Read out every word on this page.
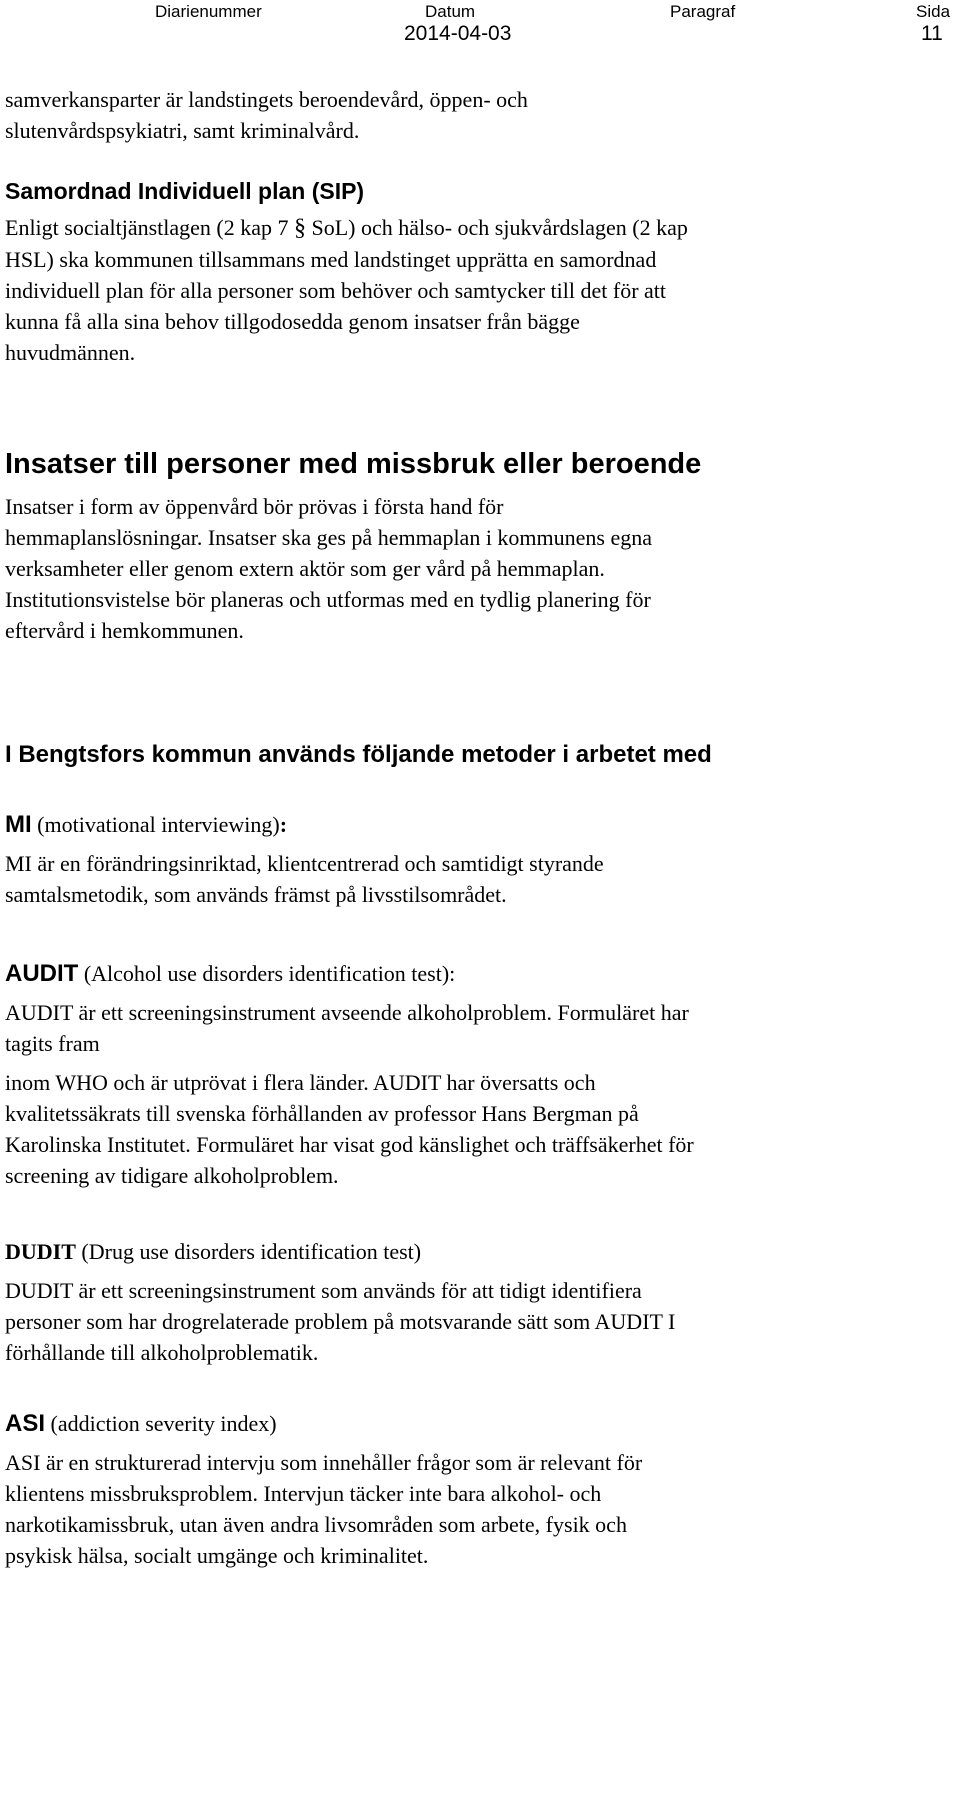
Diarienummer	Datum
2014-04-03
Paragraf	Sida
11

samverkansparter är landstingets beroendevård, öppen- och

slutenvårdspsykiatri, samt kriminalvård.

Samordnad Individuell plan (SIP)

Enligt socialtjänstlagen (2 kap 7 § SoL) och hälso- och sjukvårdslagen (2 kap

HSL) ska kommunen tillsammans med landstinget upprätta en samordnad

individuell plan för alla personer som behöver och samtycker till det för att

kunna få alla sina behov tillgodosedda genom insatser från bägge

huvudmännen.

Insatser till personer med missbruk eller beroende

Insatser i form av öppenvård bör prövas i första hand för

hemmaplanslösningar. Insatser ska ges på hemmaplan i kommunens egna

verksamheter eller genom extern aktör som ger vård på hemmaplan.

Institutionsvistelse bör planeras och utformas med en tydlig planering för

eftervård i hemkommunen.

I Bengtsfors kommun används följande metoder i arbetet med

MI (motivational interviewing):

MI är en förändringsinriktad, klientcentrerad och samtidigt styrande

samtalsmetodik, som används främst på livsstilsområdet.

AUDIT (Alcohol use disorders identification test):

AUDIT är ett screeningsinstrument avseende alkoholproblem. Formuläret har

tagits fram

inom WHO och är utprövat i flera länder. AUDIT har översatts och

kvalitetssäkrats till svenska förhållanden av professor Hans Bergman på

Karolinska Institutet. Formuläret har visat god känslighet och träffsäkerhet för

screening av tidigare alkoholproblem.

DUDIT (Drug use disorders identification test)

DUDIT är ett screeningsinstrument som används för att tidigt identifiera

personer som har drogrelaterade problem på motsvarande sätt som AUDIT I

förhållande till alkoholproblematik.

ASI (addiction severity index)

ASI är en strukturerad intervju som innehåller frågor som är relevant för

klientens missbruksproblem. Intervjun täcker inte bara alkohol- och

narkotikamissbruk, utan även andra livsområden som arbete, fysik och

psykisk hälsa, socialt umgänge och kriminalitet.
